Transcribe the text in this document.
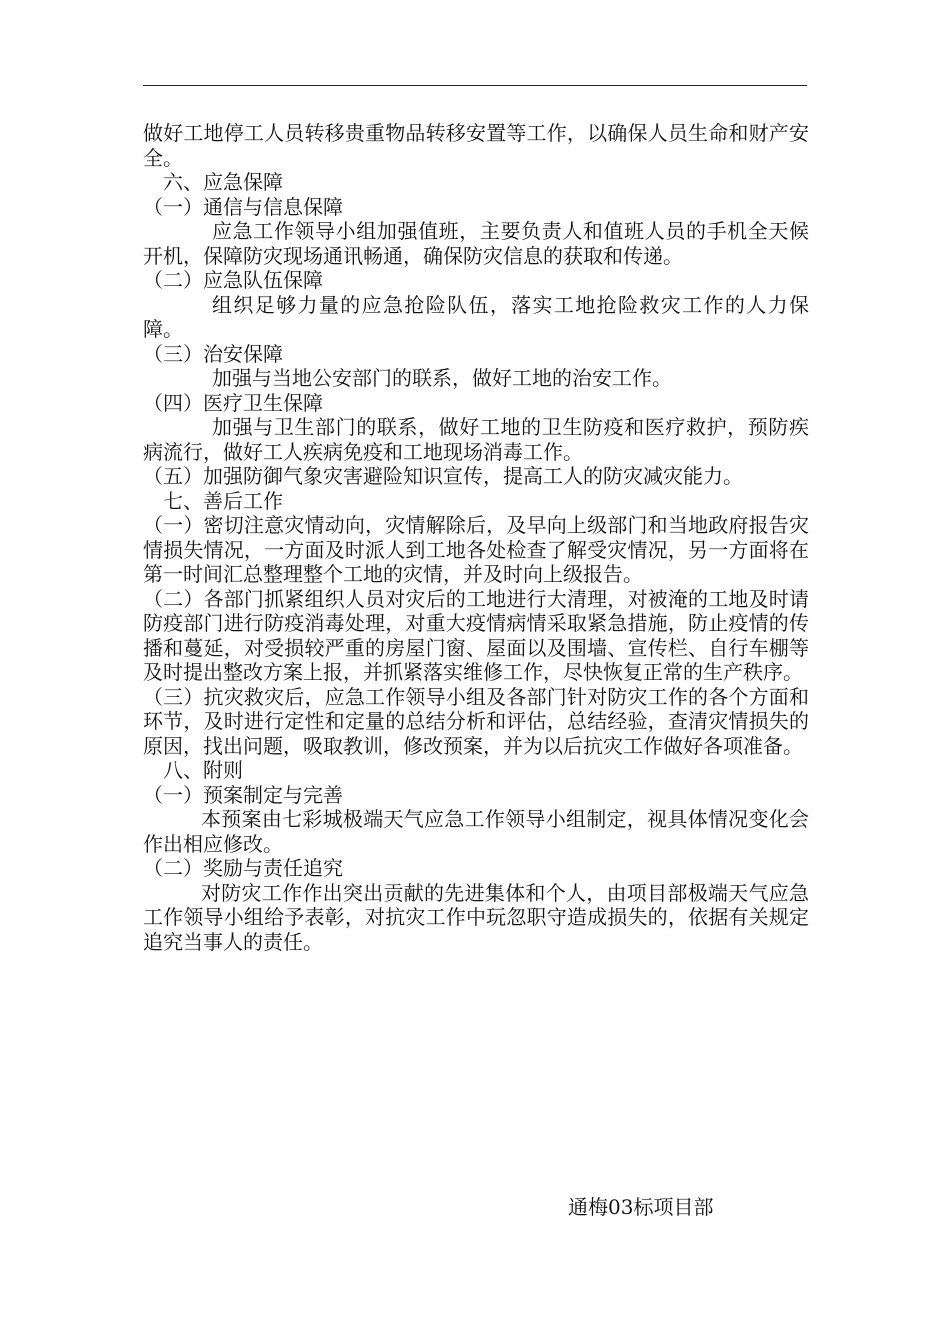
做好工地停工人员转移贵重物品转移安置等工作，以确保人员生命和财产安全。

六、应急保障

（一）通信与信息保障

应急工作领导小组加强值班，主要负责人和值班人员的手机全天候开机，保障防灾现场通讯畅通，确保防灾信息的获取和传递。

（二）应急队伍保障

组织足够力量的应急抢险队伍，落实工地抢险救灾工作的人力保障。

（三）治安保障

加强与当地公安部门的联系，做好工地的治安工作。

（四）医疗卫生保障

加强与卫生部门的联系，做好工地的卫生防疫和医疗救护，预防疾病流行，做好工人疾病免疫和工地现场消毒工作。

（五）加强防御气象灾害避险知识宣传，提高工人的防灾减灾能力。

七、善后工作

（一）密切注意灾情动向，灾情解除后，及早向上级部门和当地政府报告灾情损失情况，一方面及时派人到工地各处检查了解受灾情况，另一方面将在第一时间汇总整理整个工地的灾情，并及时向上级报告。

（二）各部门抓紧组织人员对灾后的工地进行大清理，对被淹的工地及时请防疫部门进行防疫消毒处理，对重大疫情病情采取紧急措施，防止疫情的传播和蔓延，对受损较严重的房屋门窗、屋面以及围墙、宣传栏、自行车棚等及时提出整改方案上报，并抓紧落实维修工作，尽快恢复正常的生产秩序。

（三）抗灾救灾后，应急工作领导小组及各部门针对防灾工作的各个方面和环节，及时进行定性和定量的总结分析和评估，总结经验，查清灾情损失的原因，找出问题，吸取教训，修改预案，并为以后抗灾工作做好各项准备。

八、附则

（一）预案制定与完善

本预案由七彩城极端天气应急工作领导小组制定，视具体情况变化会作出相应修改。

（二）奖励与责任追究

对防灾工作作出突出贡献的先进集体和个人，由项目部极端天气应急工作领导小组给予表彰，对抗灾工作中玩忽职守造成损失的，依据有关规定追究当事人的责任。

通梅03标项目部
